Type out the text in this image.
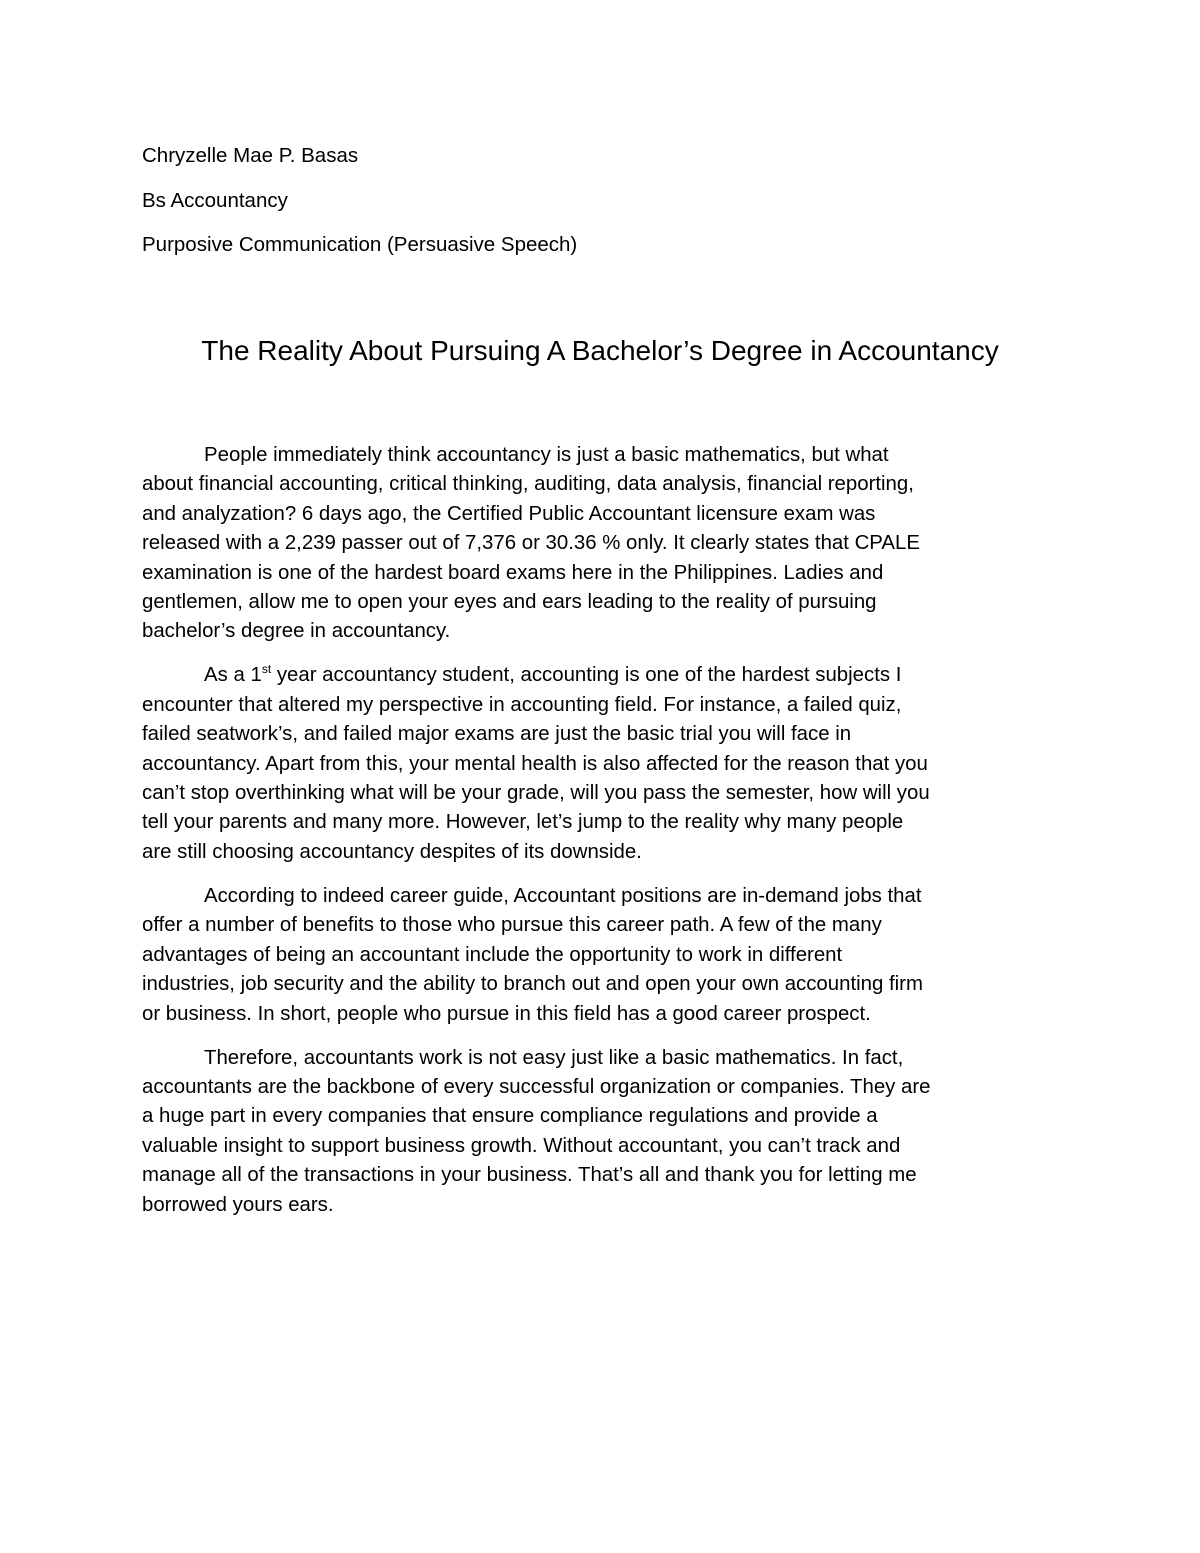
Chryzelle Mae P. Basas
Bs Accountancy
Purposive Communication (Persuasive Speech)
The Reality About Pursuing A Bachelor’s Degree in Accountancy

People immediately think accountancy is just a basic mathematics, but what
about financial accounting, critical thinking, auditing, data analysis, financial reporting,
and analyzation? 6 days ago, the Certified Public Accountant licensure exam was
released with a 2,239 passer out of 7,376 or 30.36 % only. It clearly states that CPALE
examination is one of the hardest board exams here in the Philippines. Ladies and
gentlemen, allow me to open your eyes and ears leading to the reality of pursuing
bachelor’s degree in accountancy.

As a 1st year accountancy student, accounting is one of the hardest subjects I
encounter that altered my perspective in accounting field. For instance, a failed quiz,
failed seatwork’s, and failed major exams are just the basic trial you will face in
accountancy. Apart from this, your mental health is also affected for the reason that you
can’t stop overthinking what will be your grade, will you pass the semester, how will you
tell your parents and many more. However, let’s jump to the reality why many people
are still choosing accountancy despites of its downside.

According to indeed career guide, Accountant positions are in-demand jobs that
offer a number of benefits to those who pursue this career path. A few of the many
advantages of being an accountant include the opportunity to work in different
industries, job security and the ability to branch out and open your own accounting firm
or business. In short, people who pursue in this field has a good career prospect.

Therefore, accountants work is not easy just like a basic mathematics. In fact,
accountants are the backbone of every successful organization or companies. They are
a huge part in every companies that ensure compliance regulations and provide a
valuable insight to support business growth. Without accountant, you can’t track and
manage all of the transactions in your business. That’s all and thank you for letting me
borrowed yours ears.
